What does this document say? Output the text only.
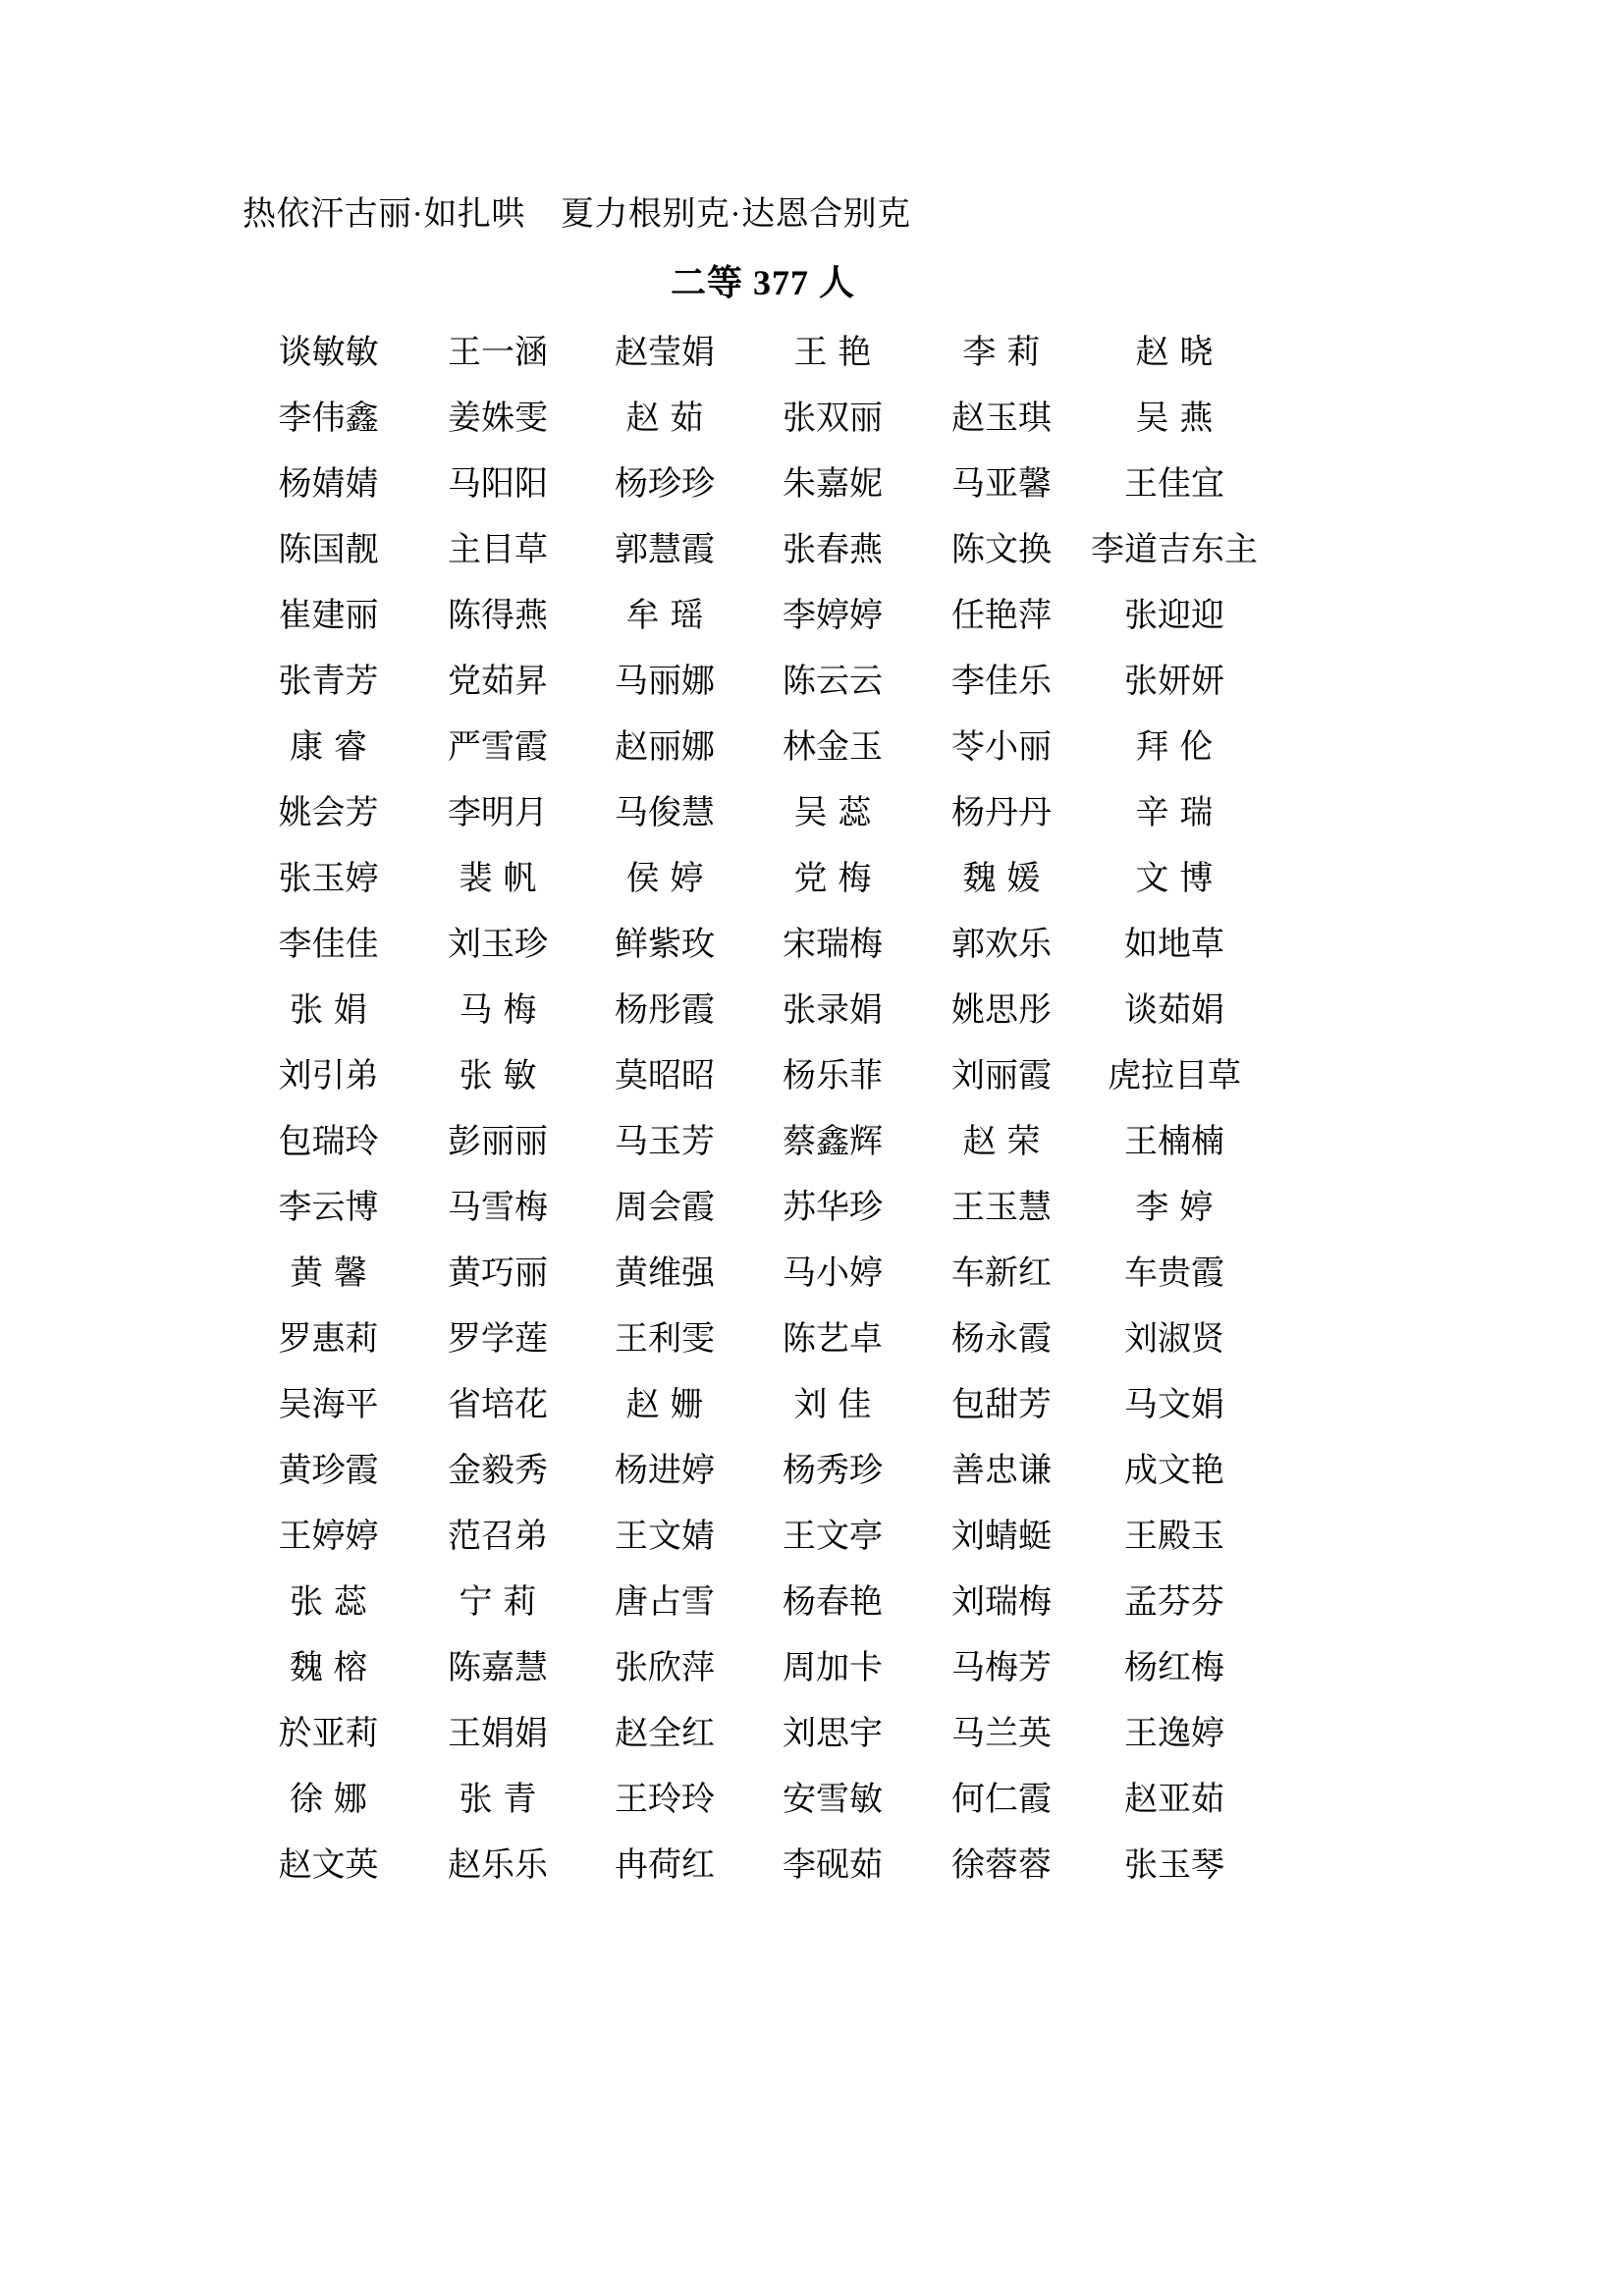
热依汗古丽·如扎哄    夏力根别克·达恩合别克
二等 377 人
谈敏敏	王一涵	赵莹娟	王艳	李莉	赵晓
李伟鑫	姜姝雯	赵茹	张双丽	赵玉琪	吴燕
杨婧婧	马阳阳	杨珍珍	朱嘉妮	马亚馨	王佳宜
陈国靓	主目草	郭慧霞	张春燕	陈文换	李道吉东主
崔建丽	陈得燕	牟瑶	李婷婷	任艳萍	张迎迎
张青芳	党茹昇	马丽娜	陈云云	李佳乐	张妍妍
康睿	严雪霞	赵丽娜	林金玉	苓小丽	拜伦
姚会芳	李明月	马俊慧	吴蕊	杨丹丹	辛瑞
张玉婷	裴帆	侯婷	党梅	魏媛	文博
李佳佳	刘玉珍	鲜紫玫	宋瑞梅	郭欢乐	如地草
张娟	马梅	杨彤霞	张录娟	姚思彤	谈茹娟
刘引弟	张敏	莫昭昭	杨乐菲	刘丽霞	虎拉目草
包瑞玲	彭丽丽	马玉芳	蔡鑫辉	赵荣	王楠楠
李云博	马雪梅	周会霞	苏华珍	王玉慧	李婷
黄馨	黄巧丽	黄维强	马小婷	车新红	车贵霞
罗惠莉	罗学莲	王利雯	陈艺卓	杨永霞	刘淑贤
吴海平	省培花	赵姗	刘佳	包甜芳	马文娟
黄珍霞	金毅秀	杨进婷	杨秀珍	善忠谦	成文艳
王婷婷	范召弟	王文婧	王文亭	刘蜻蜓	王殿玉
张蕊	宁莉	唐占雪	杨春艳	刘瑞梅	孟芬芬
魏榕	陈嘉慧	张欣萍	周加卡	马梅芳	杨红梅
於亚莉	王娟娟	赵全红	刘思宇	马兰英	王逸婷
徐娜	张青	王玲玲	安雪敏	何仁霞	赵亚茹
赵文英	赵乐乐	冉荷红	李砚茹	徐蓉蓉	张玉琴
